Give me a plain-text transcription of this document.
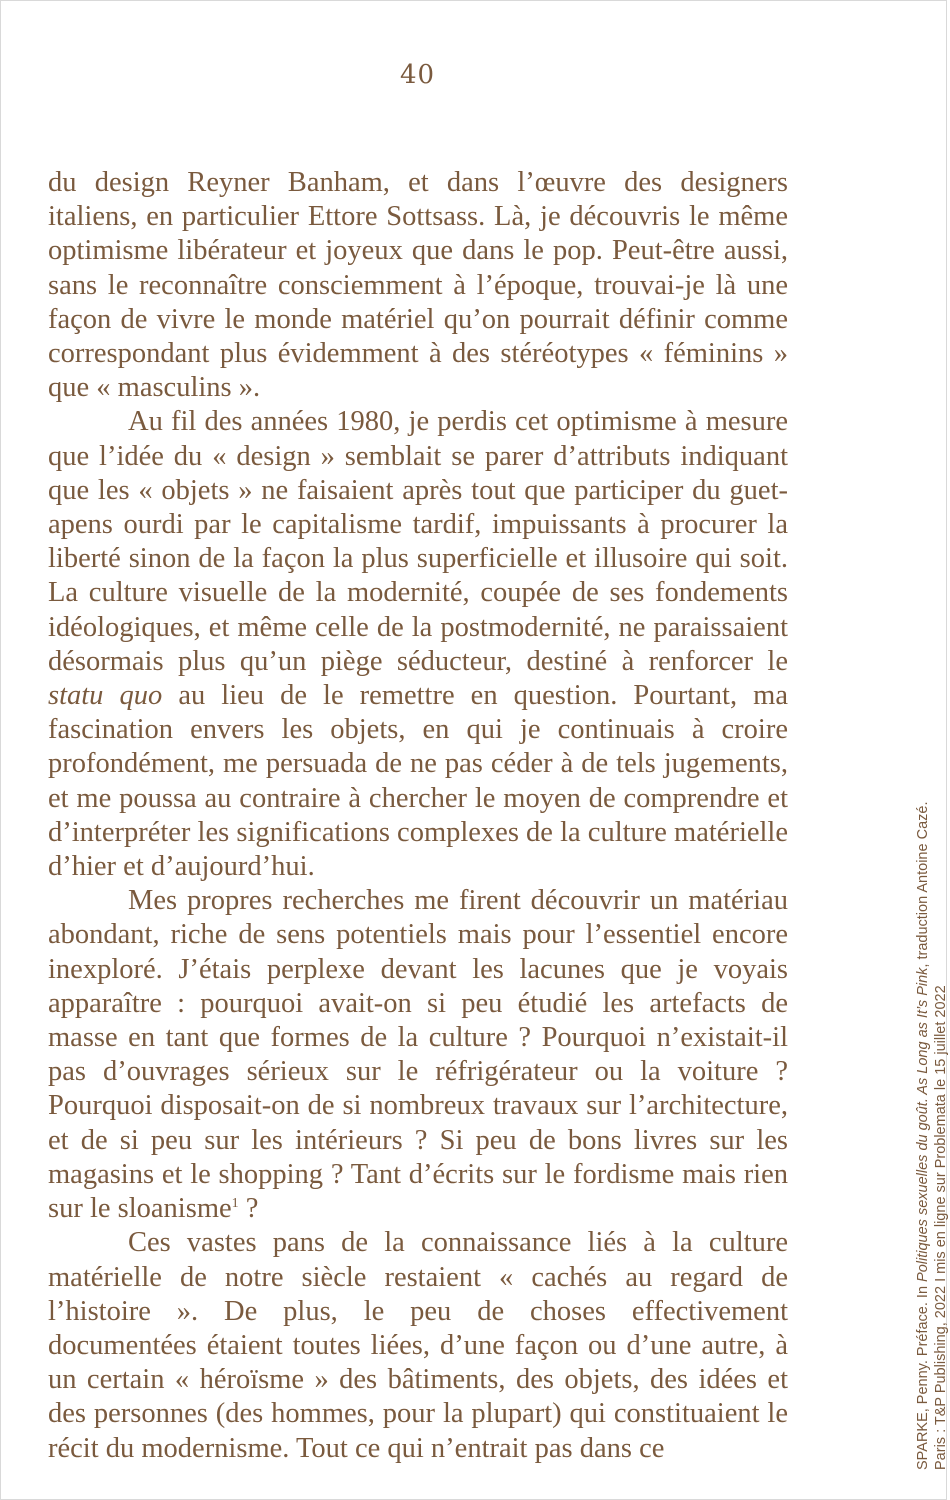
40

du design Reyner Banham, et dans l’œuvre des designers italiens, en particulier Ettore Sottsass. Là, je découvris le même optimisme libérateur et joyeux que dans le pop. Peut-être aussi, sans le reconnaître consciemment à l’époque, trouvai-je là une façon de vivre le monde matériel qu’on pourrait définir comme correspondant plus évidemment à des stéréotypes « féminins » que « masculins ».

Au fil des années 1980, je perdis cet optimisme à mesure que l’idée du « design » semblait se parer d’attributs indiquant que les « objets » ne faisaient après tout que participer du guet-apens ourdi par le capitalisme tardif, impuissants à procurer la liberté sinon de la façon la plus superficielle et illusoire qui soit. La culture visuelle de la modernité, coupée de ses fondements idéologiques, et même celle de la postmodernité, ne paraissaient désormais plus qu’un piège séducteur, destiné à renforcer le statu quo au lieu de le remettre en question. Pourtant, ma fascination envers les objets, en qui je continuais à croire profondément, me persuada de ne pas céder à de tels jugements, et me poussa au contraire à chercher le moyen de comprendre et d’interpréter les significations complexes de la culture matérielle d’hier et d’aujourd’hui.

Mes propres recherches me firent découvrir un matériau abondant, riche de sens potentiels mais pour l’essentiel encore inexploré. J’étais perplexe devant les lacunes que je voyais apparaître : pourquoi avait-on si peu étudié les artefacts de masse en tant que formes de la culture ? Pourquoi n’existait-il pas d’ouvrages sérieux sur le réfrigérateur ou la voiture ? Pourquoi disposait-on de si nombreux travaux sur l’architecture, et de si peu sur les intérieurs ? Si peu de bons livres sur les magasins et le shopping ? Tant d’écrits sur le fordisme mais rien sur le sloanisme$^1$ ?

Ces vastes pans de la connaissance liés à la culture matérielle de notre siècle restaient « cachés au regard de l’histoire ». De plus, le peu de choses effectivement documentées étaient toutes liées, d’une façon ou d’une autre, à un certain « héroïsme » des bâtiments, des objets, des idées et des personnes (des hommes, pour la plupart) qui constituaient le récit du modernisme. Tout ce qui n’entrait pas dans ce	SPARKE, Penny. Préface. In Politiques sexuelles du goût. As Long as It’s Pink, traduction Antoine Cazé.
Paris : T&P Publishing, 2022 I mis en ligne sur Problemata le 15 juillet 2022
